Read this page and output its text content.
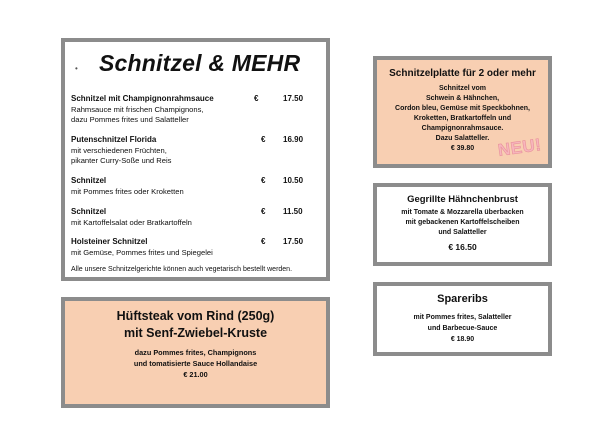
• Schnitzel & MEHR
Schnitzel mit Champignonrahmsauce
Rahmsauce mit frischen Champignons,
dazu Pommes frites und Salatteller
€	17.50
Putenschnitzel Florida
mit verschiedenen Früchten,
pikanter Curry-Soße und Reis
€ 16.90
Schnitzel
mit Pommes frites oder Kroketten
€ 10.50
Schnitzel
mit Kartoffelsalat oder Bratkartoffeln
€ 11.50
Holsteiner Schnitzel
mit Gemüse, Pommes frites und Spiegelei
€ 17.50
Alle unsere Schnitzelgerichte können auch vegetarisch bestellt werden.
Schnitzelplatte für 2 oder mehr
Schnitzel vom
Schwein & Hähnchen,
Cordon bleu, Gemüse mit Speckbohnen,
Kroketten, Bratkartoffeln und
Champignonrahmsauce.
Dazu Salatteller.
€ 39.80	NEU!
Gegrillte Hähnchenbrust
mit Tomate & Mozzarella überbacken
mit gebackenen Kartoffelscheiben
und Salatteller
€ 16.50
Spareribs
mit Pommes frites, Salatteller
und Barbecue-Sauce
€ 18.90
Hüftsteak vom Rind (250g)
mit Senf-Zwiebel-Kruste
dazu Pommes frites, Champignons
und tomatisierte Sauce Hollandaise
€ 21.00
